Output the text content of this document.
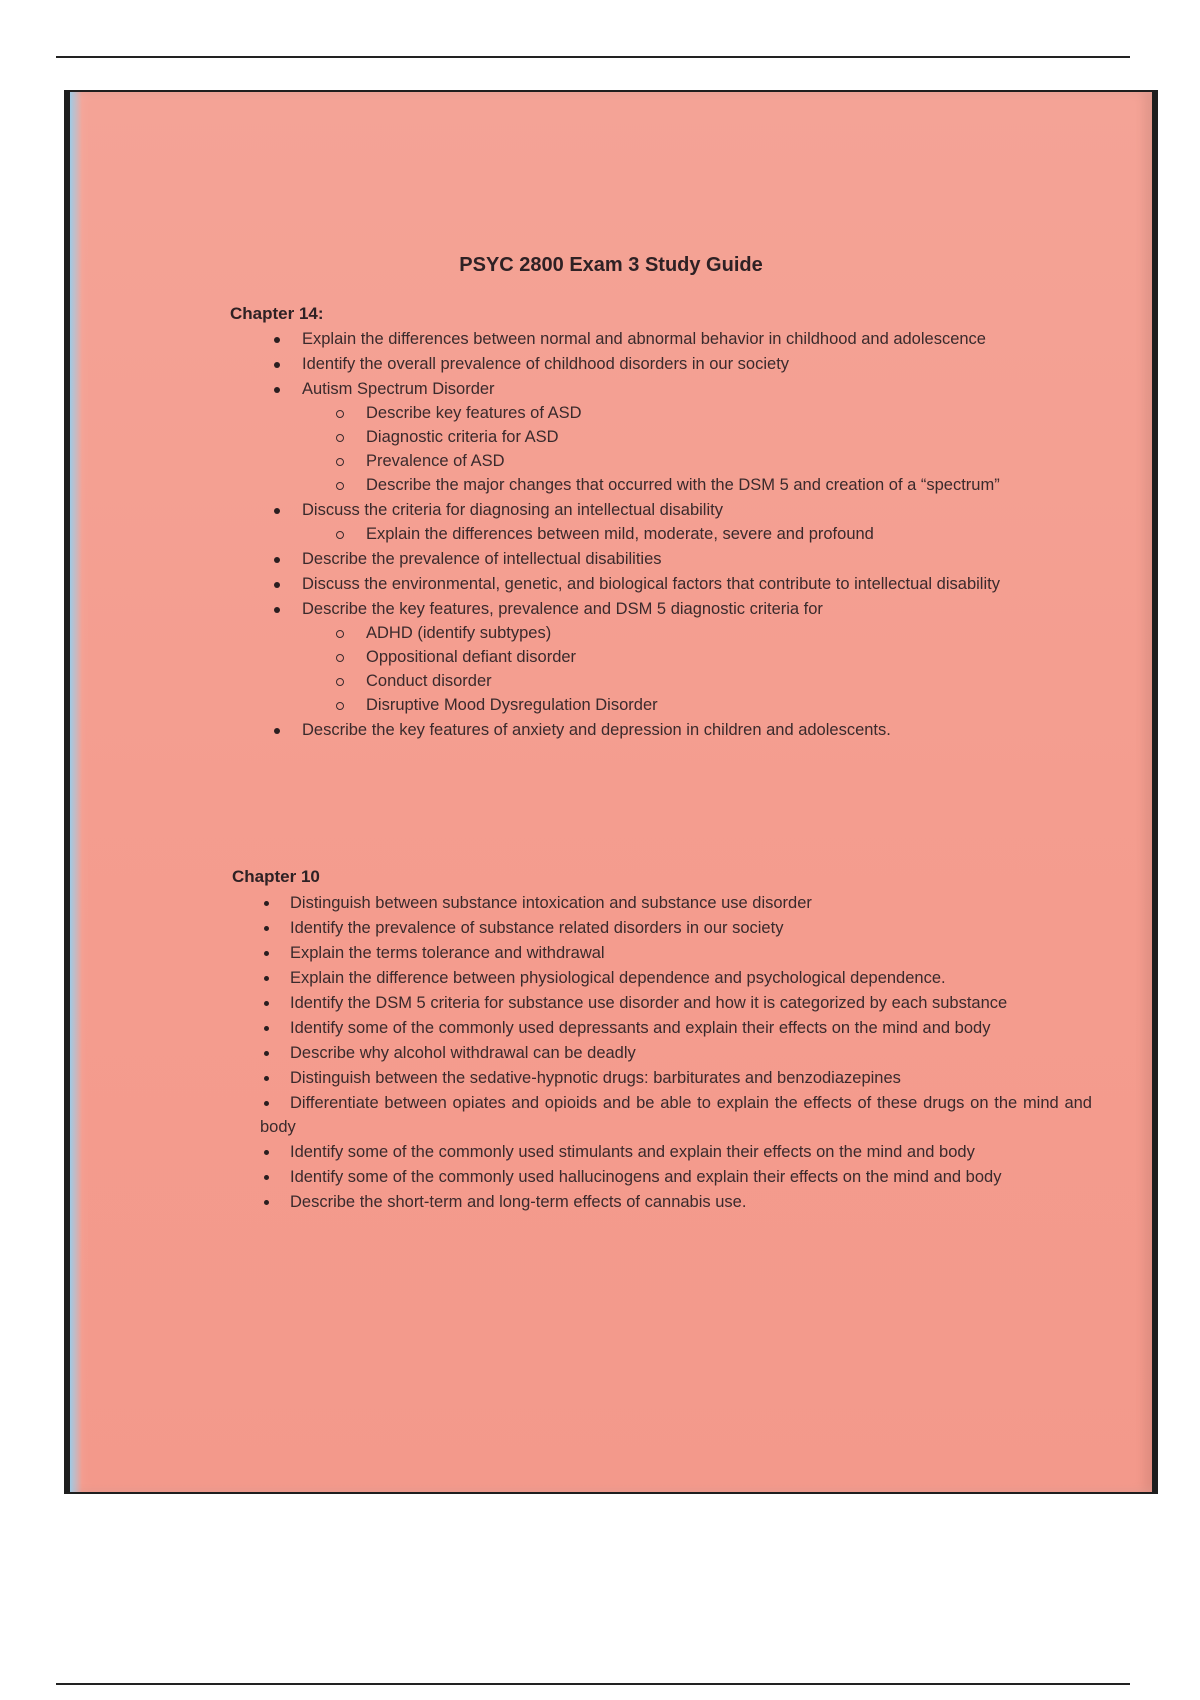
PSYC 2800 Exam 3 Study Guide
Chapter 14:
Explain the differences between normal and abnormal behavior in childhood and adolescence
Identify the overall prevalence of childhood disorders in our society
Autism Spectrum Disorder
Describe key features of ASD
Diagnostic criteria for ASD
Prevalence of ASD
Describe the major changes that occurred with the DSM 5 and creation of a “spectrum”
Discuss the criteria for diagnosing an intellectual disability
Explain the differences between mild, moderate, severe and profound
Describe the prevalence of intellectual disabilities
Discuss the environmental, genetic, and biological factors that contribute to intellectual disability
Describe the key features, prevalence and DSM 5 diagnostic criteria for
ADHD (identify subtypes)
Oppositional defiant disorder
Conduct disorder
Disruptive Mood Dysregulation Disorder
Describe the key features of anxiety and depression in children and adolescents.
Chapter 10
Distinguish between substance intoxication and substance use disorder
Identify the prevalence of substance related disorders in our society
Explain the terms tolerance and withdrawal
Explain the difference between physiological dependence and psychological dependence.
Identify the DSM 5 criteria for substance use disorder and how it is categorized by each substance
Identify some of the commonly used depressants and explain their effects on the mind and body
Describe why alcohol withdrawal can be deadly
Distinguish between the sedative-hypnotic drugs: barbiturates and benzodiazepines
Differentiate between opiates and opioids and be able to explain the effects of these drugs on the mind and body
Identify some of the commonly used stimulants and explain their effects on the mind and body
Identify some of the commonly used hallucinogens and explain their effects on the mind and body
Describe the short-term and long-term effects of cannabis use.
